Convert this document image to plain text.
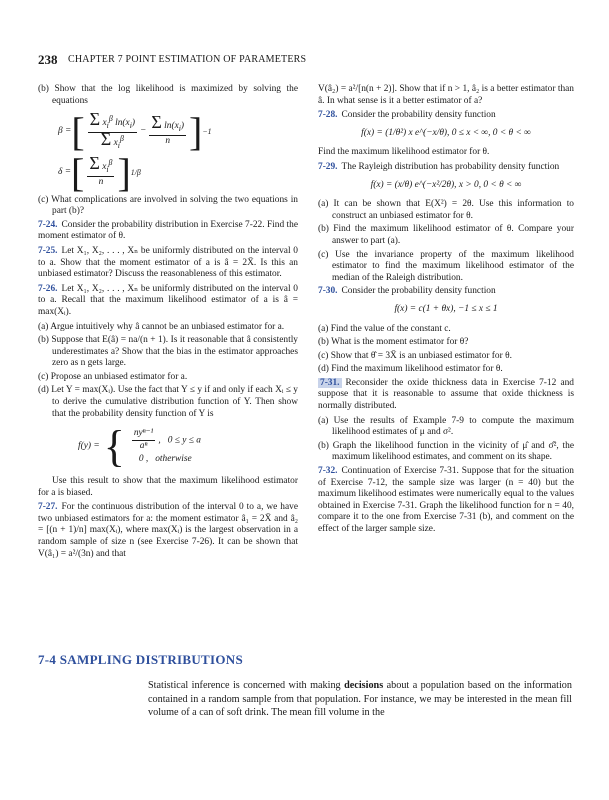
238 CHAPTER 7 POINT ESTIMATION OF PARAMETERS

(b) Show that the log likelihood is maximized by solving the equations

β = [ $\frac{\Sigma x_i^\beta \ln(x_i)}{\Sigma x_i^\beta} - \frac{\Sigma \ln(x_i)}{n}$ ] −1
δ = [ $\frac{\Sigma x_i^\beta}{n}$ ] 1/β

(c) What complications are involved in solving the two equations in part (b)?

7-24. Consider the probability distribution in Exercise 7-22. Find the moment estimator of θ.

7-25. Let X₁, X₂, . . . , Xₙ be uniformly distributed on the interval 0 to a. Show that the moment estimator of a is â = 2X̄. Is this an unbiased estimator? Discuss the reasonableness of this estimator.

7-26. Let X₁, X₂, . . . , Xₙ be uniformly distributed on the interval 0 to a. Recall that the maximum likelihood estimator of a is â = max(Xᵢ).

(a) Argue intuitively why â cannot be an unbiased estimator for a.

(b) Suppose that E(â) = na/(n + 1). Is it reasonable that â consistently underestimates a? Show that the bias in the estimator approaches zero as n gets large.

(c) Propose an unbiased estimator for a.

(d) Let Y = max(Xᵢ). Use the fact that Y ≤ y if and only if each Xᵢ ≤ y to derive the cumulative distribution function of Y. Then show that the probability density function of Y is

f(y) = { $\frac{\text{nyⁿ⁻¹}}{\text{aⁿ}}$ ,   0 ≤ y ≤ a
0 ,   otherwise

Use this result to show that the maximum likelihood estimator for a is biased.

7-27. For the continuous distribution of the interval 0 to a, we have two unbiased estimators for a: the moment estimator â₁ = 2X̄ and â₂ = [(n + 1)/n] max(Xᵢ), where max(Xᵢ) is the largest observation in a random sample of size n (see Exercise 7-26). It can be shown that V(â₁) = a²/(3n) and that

V(â₂) = a²/[n(n + 2)]. Show that if n > 1, â₂ is a better estimator than â. In what sense is it a better estimator of a?

7-28. Consider the probability density function

f(x) = (1/θ²) x e^(−x/θ), 0 ≤ x < ∞, 0 < θ < ∞

Find the maximum likelihood estimator for θ.

7-29. The Rayleigh distribution has probability density function

f(x) = (x/θ) e^(−x²/2θ), x > 0, 0 < θ < ∞

(a) It can be shown that E(X²) = 2θ. Use this information to construct an unbiased estimator for θ.

(b) Find the maximum likelihood estimator of θ. Compare your answer to part (a).

(c) Use the invariance property of the maximum likelihood estimator to find the maximum likelihood estimator of the median of the Raleigh distribution.

7-30. Consider the probability density function

f(x) = c(1 + θx), −1 ≤ x ≤ 1

(a) Find the value of the constant c.

(b) What is the moment estimator for θ?

(c) Show that θ̂ = 3X̄ is an unbiased estimator for θ.

(d) Find the maximum likelihood estimator for θ.

7-31. Reconsider the oxide thickness data in Exercise 7-12 and suppose that it is reasonable to assume that oxide thickness is normally distributed.

(a) Use the results of Example 7-9 to compute the maximum likelihood estimates of μ and σ².

(b) Graph the likelihood function in the vicinity of μ̂ and σ̂², the maximum likelihood estimates, and comment on its shape.

7-32. Continuation of Exercise 7-31. Suppose that for the situation of Exercise 7-12, the sample size was larger (n = 40) but the maximum likelihood estimates were numerically equal to the values obtained in Exercise 7-31. Graph the likelihood function for n = 40, compare it to the one from Exercise 7-31 (b), and comment on the effect of the larger sample size.

7-4 SAMPLING DISTRIBUTIONS
Statistical inference is concerned with making decisions about a population based on the information contained in a random sample from that population. For instance, we may be interested in the mean fill volume of a can of soft drink. The mean fill volume in the
